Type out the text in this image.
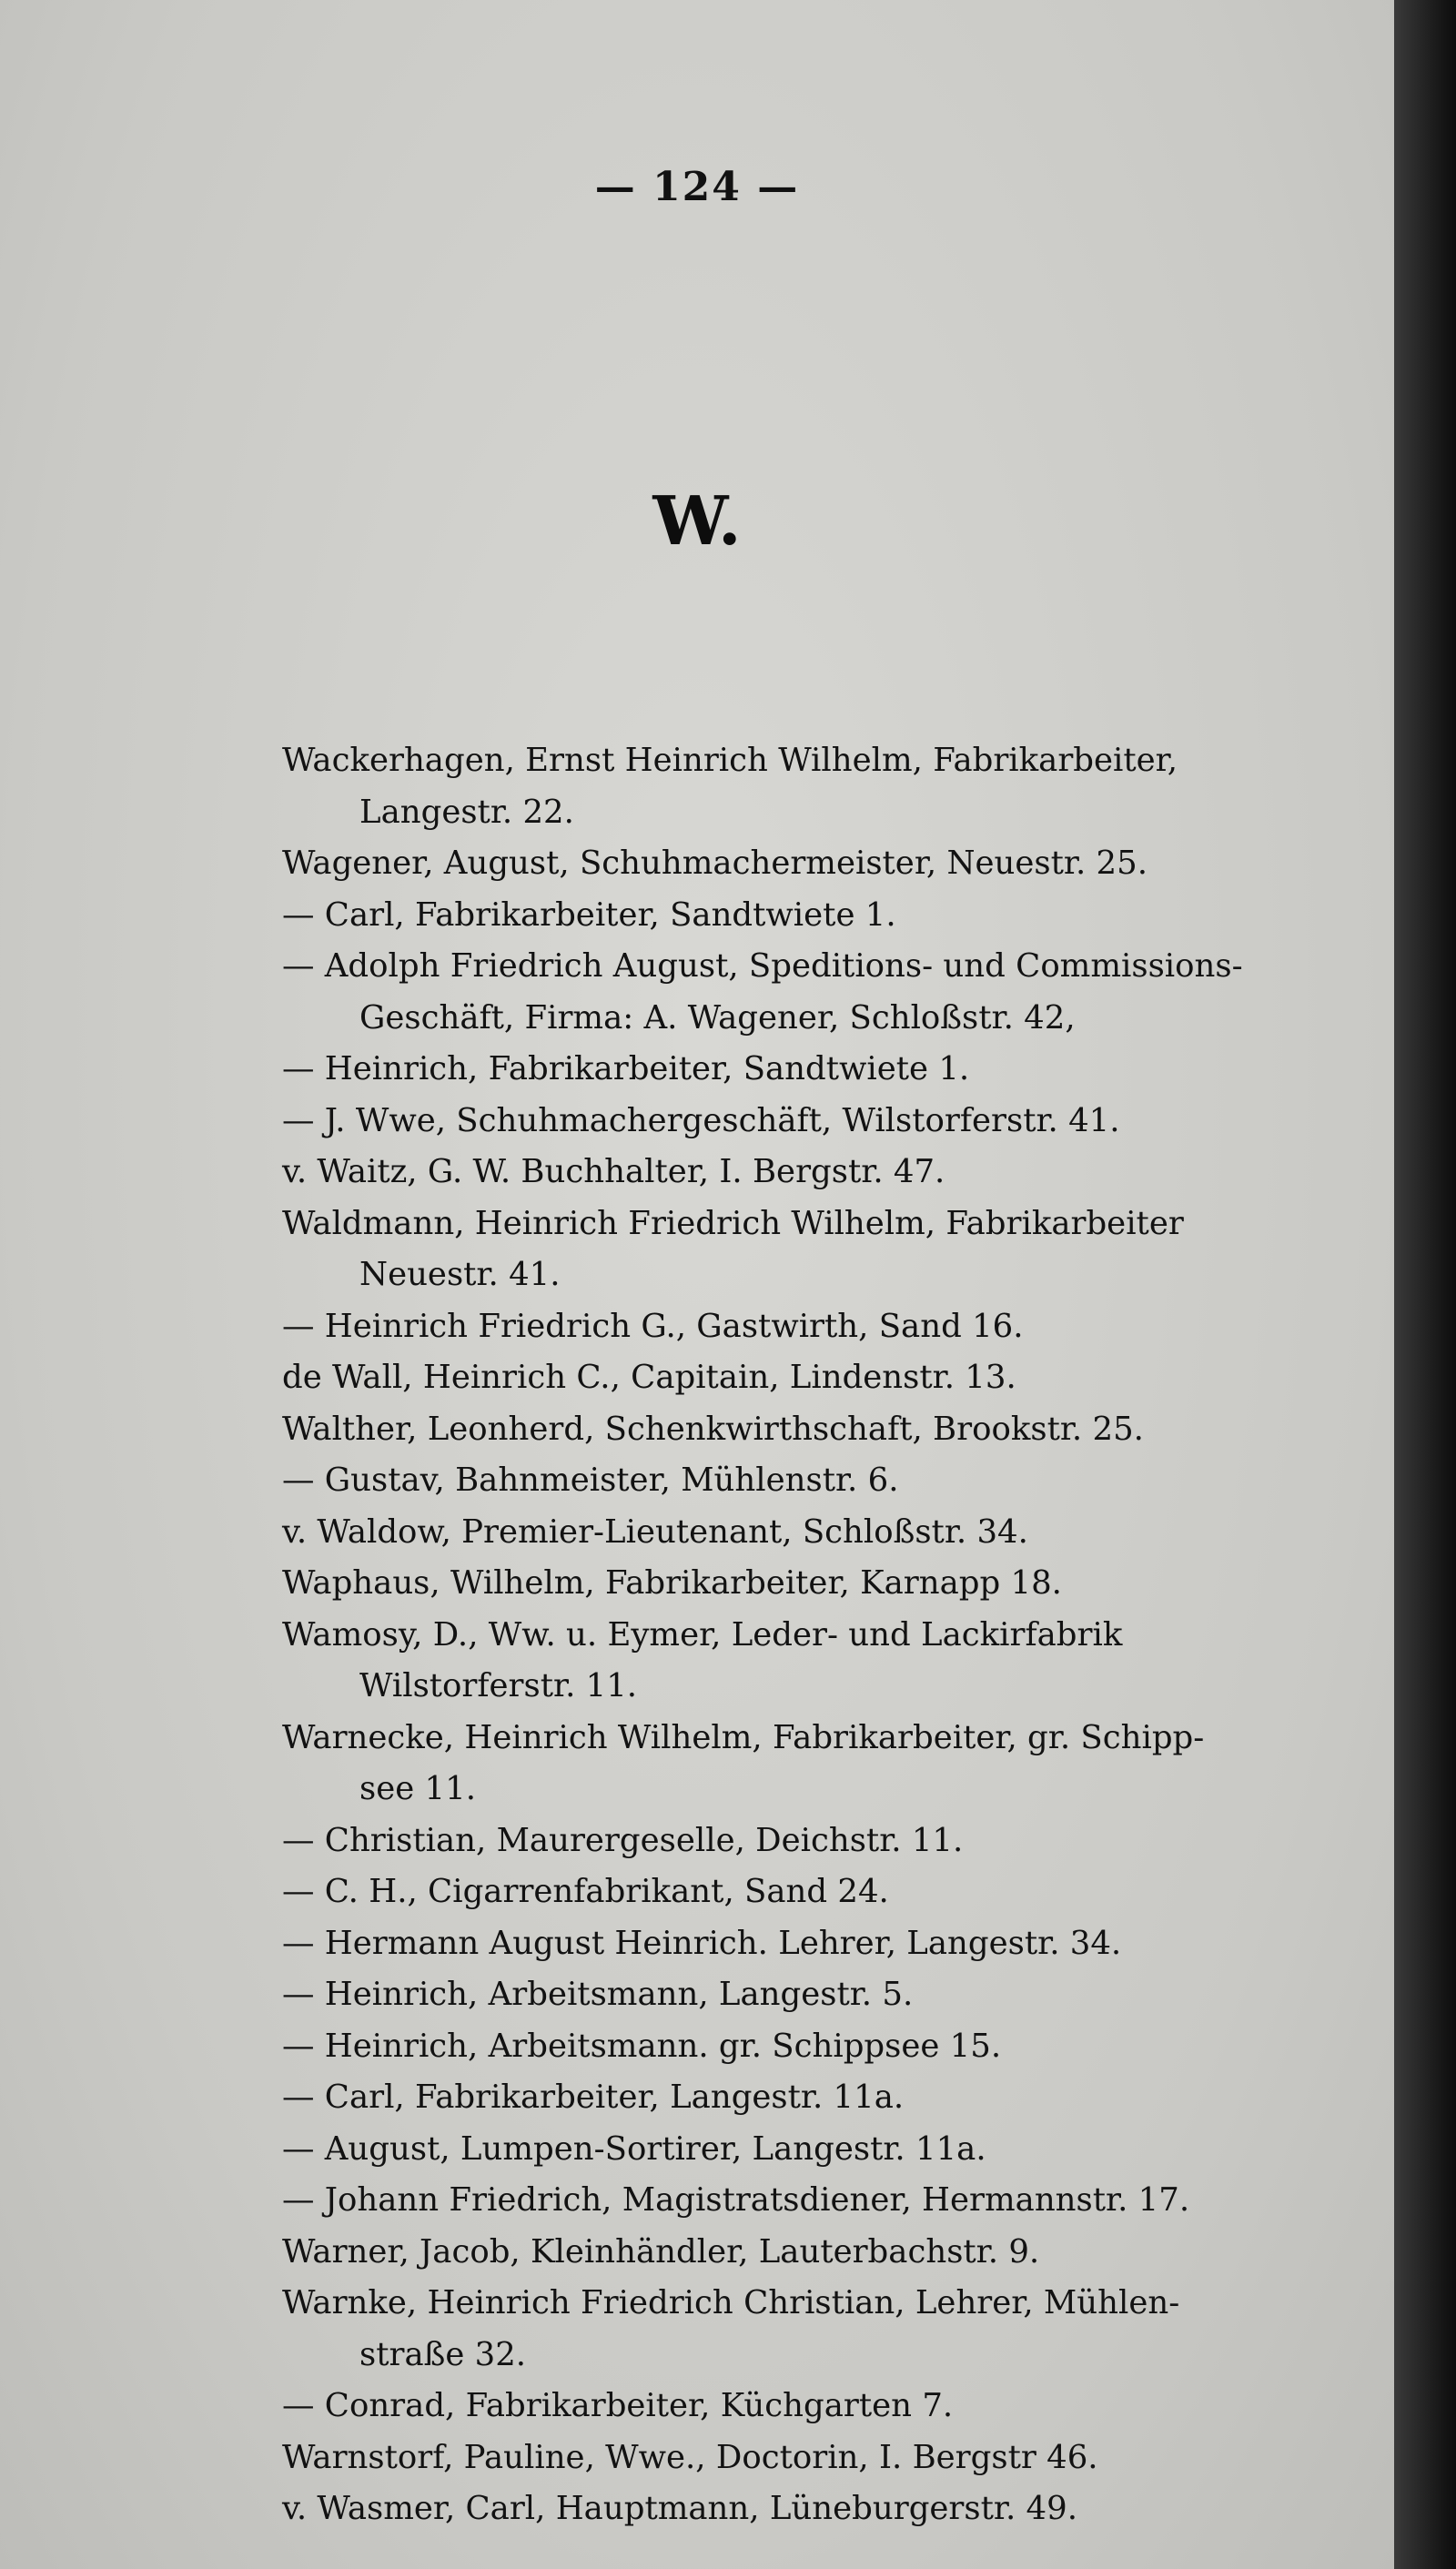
— 124 —
W.
Wackerhagen, Ernst Heinrich Wilhelm, Fabrikarbeiter,
Langestr. 22.
Wagener, August, Schuhmachermeister, Neuestr. 25.
— Carl, Fabrikarbeiter, Sandtwiete 1.
— Adolph Friedrich August, Speditions- und Commissions-
Geschäft, Firma: A. Wagener, Schloßstr. 42,
— Heinrich, Fabrikarbeiter, Sandtwiete 1.
— J. Wwe, Schuhmachergeschäft, Wilstorferstr. 41.
v. Waitz, G. W. Buchhalter, I. Bergstr. 47.
Waldmann, Heinrich Friedrich Wilhelm, Fabrikarbeiter
Neuestr. 41.
— Heinrich Friedrich G., Gastwirth, Sand 16.
de Wall, Heinrich C., Capitain, Lindenstr. 13.
Walther, Leonherd, Schenkwirthschaft, Brookstr. 25.
— Gustav, Bahnmeister, Mühlenstr. 6.
v. Waldow, Premier-Lieutenant, Schloßstr. 34.
Waphaus, Wilhelm, Fabrikarbeiter, Karnapp 18.
Wamosy, D., Ww. u. Eymer, Leder- und Lackirfabrik
Wilstorferstr. 11.
Warnecke, Heinrich Wilhelm, Fabrikarbeiter, gr. Schipp-
see 11.
— Christian, Maurergeselle, Deichstr. 11.
— C. H., Cigarrenfabrikant, Sand 24.
— Hermann August Heinrich. Lehrer, Langestr. 34.
— Heinrich, Arbeitsmann, Langestr. 5.
— Heinrich, Arbeitsmann. gr. Schippsee 15.
— Carl, Fabrikarbeiter, Langestr. 11a.
— August, Lumpen-Sortirer, Langestr. 11a.
— Johann Friedrich, Magistratsdiener, Hermannstr. 17.
Warner, Jacob, Kleinhändler, Lauterbachstr. 9.
Warnke, Heinrich Friedrich Christian, Lehrer, Mühlen-
straße 32.
— Conrad, Fabrikarbeiter, Küchgarten 7.
Warnstorf, Pauline, Wwe., Doctorin, I. Bergstr 46.
v. Wasmer, Carl, Hauptmann, Lüneburgerstr. 49.
